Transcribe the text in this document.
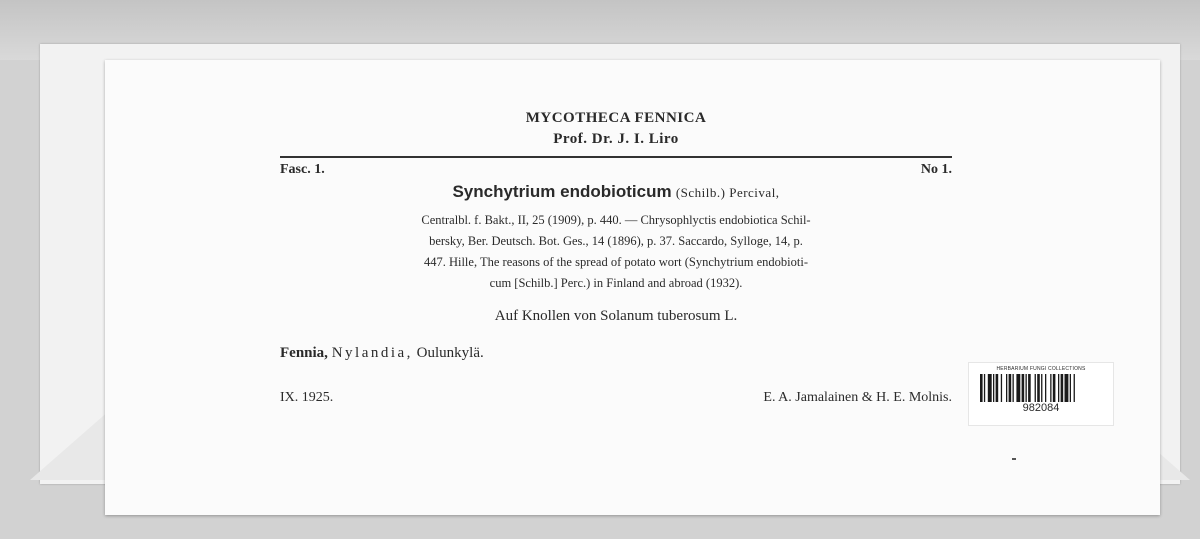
MYCOTHECA FENNICA
Prof. Dr. J. I. Liro
Fasc. 1.	No 1.
Synchytrium endobioticum (Schilb.) Percival,
Centralbl. f. Bakt., II, 25 (1909), p. 440. — Chrysophlyctis endobiotica Schil-
bersky, Ber. Deutsch. Bot. Ges., 14 (1896), p. 37. Saccardo, Sylloge, 14, p.
447. Hille, The reasons of the spread of potato wort (Synchytrium endobioti-
cum [Schilb.] Perc.) in Finland and abroad (1932).
Auf Knollen von Solanum tuberosum L.
Fennia, Nylandia, Oulunkylä.
IX. 1925.	E. A. Jamalainen & H. E. Molnis.
HERBARIUM FUNGI COLLECTIONS
982084
